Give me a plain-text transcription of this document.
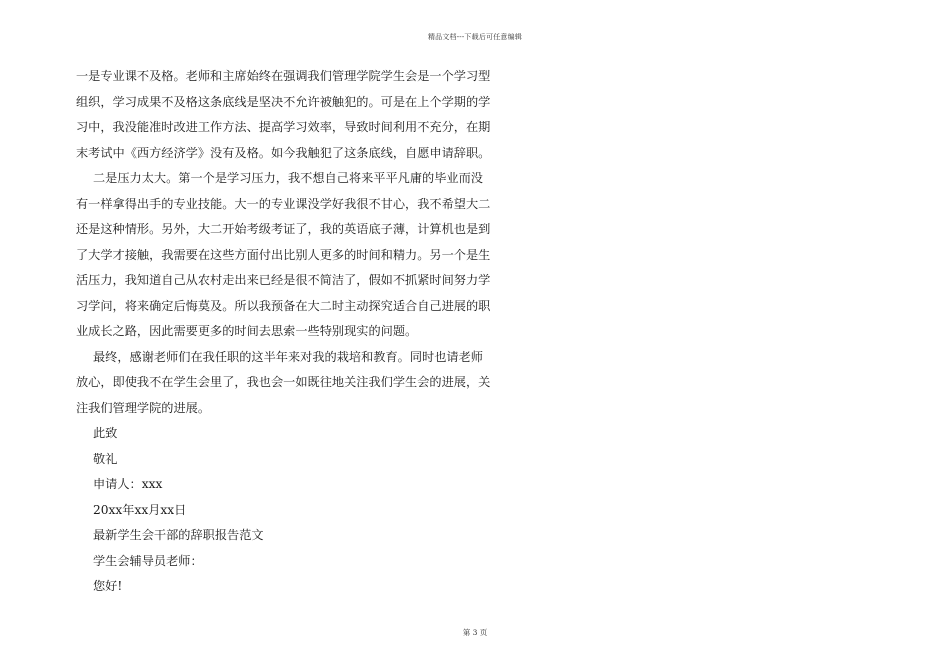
精品文档---下载后可任意编辑
一是专业课不及格。老师和主席始终在强调我们管理学院学生会是一个学习型
组织，学习成果不及格这条底线是坚决不允许被触犯的。可是在上个学期的学
习中，我没能准时改进工作方法、提高学习效率，导致时间利用不充分，在期
末考试中《西方经济学》没有及格。如今我触犯了这条底线，自愿申请辞职。
二是压力太大。第一个是学习压力，我不想自己将来平平凡庸的毕业而没
有一样拿得出手的专业技能。大一的专业课没学好我很不甘心，我不希望大二
还是这种情形。另外，大二开始考级考证了，我的英语底子薄，计算机也是到
了大学才接触，我需要在这些方面付出比别人更多的时间和精力。另一个是生
活压力，我知道自己从农村走出来已经是很不简洁了，假如不抓紧时间努力学
习学问，将来确定后悔莫及。所以我预备在大二时主动探究适合自己进展的职
业成长之路，因此需要更多的时间去思索一些特别现实的问题。
最终，感谢老师们在我任职的这半年来对我的栽培和教育。同时也请老师
放心，即使我不在学生会里了，我也会一如既往地关注我们学生会的进展，关
注我们管理学院的进展。
此致
敬礼
申请人：xxx
20xx年xx月xx日
最新学生会干部的辞职报告范文
学生会辅导员老师：
您好!
第 3 页
